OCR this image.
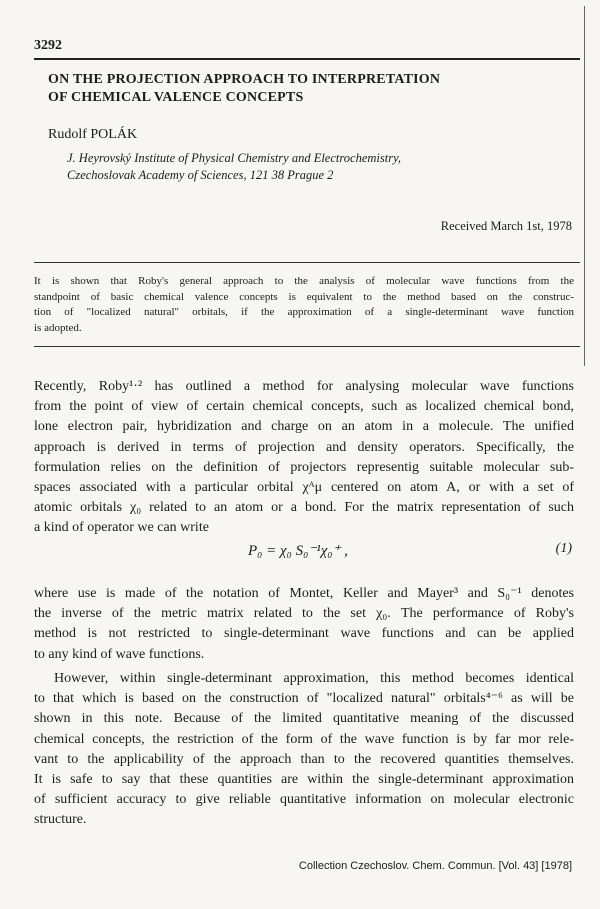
3292
ON THE PROJECTION APPROACH TO INTERPRETATION
OF CHEMICAL VALENCE CONCEPTS
Rudolf POLÁK
J. Heyrovský Institute of Physical Chemistry and Electrochemistry,
Czechoslovak Academy of Sciences, 121 38 Prague 2
Received March 1st, 1978
It is shown that Roby's general approach to the analysis of molecular wave functions from the
standpoint of basic chemical valence concepts is equivalent to the method based on the construc-
tion of "localized natural" orbitals, if the approximation of a single-determinant wave function
is adopted.
Recently, Roby¹·² has outlined a method for analysing molecular wave functions
from the point of view of certain chemical concepts, such as localized chemical bond,
lone electron pair, hybridization and charge on an atom in a molecule. The unified
approach is derived in terms of projection and density operators. Specifically, the
formulation relies on the definition of projectors representig suitable molecular sub-
spaces associated with a particular orbital χᴬμ centered on atom A, or with a set of
atomic orbitals χ₀ related to an atom or a bond. For the matrix representation of such
a kind of operator we can write
P₀ = χ₀ S₀⁻¹χ₀⁺ ,	(1)
where use is made of the notation of Montet, Keller and Mayer³ and S₀⁻¹ denotes
the inverse of the metric matrix related to the set χ₀. The performance of Roby's
method is not restricted to single-determinant wave functions and can be applied
to any kind of wave functions.
However, within single-determinant approximation, this method becomes identical
to that which is based on the construction of "localized natural" orbitals⁴⁻⁶ as will be
shown in this note. Because of the limited quantitative meaning of the discussed
chemical concepts, the restriction of the form of the wave function is by far mor rele-
vant to the applicability of the approach than to the recovered quantities themselves.
It is safe to say that these quantities are within the single-determinant approximation
of sufficient accuracy to give reliable quantitative information on molecular electronic
structure.
Collection Czechoslov. Chem. Commun. [Vol. 43] [1978]
